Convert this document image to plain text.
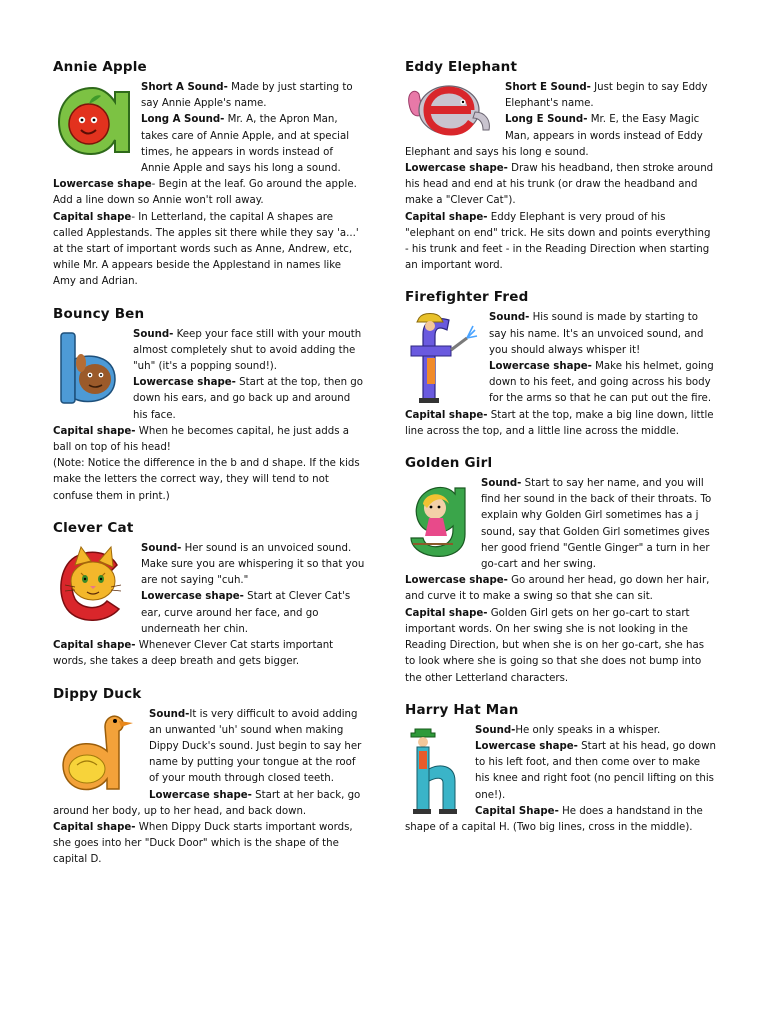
Annie Apple

Short A Sound- Made by just starting to say Annie Apple's name.

Long A Sound- Mr. A, the Apron Man, takes care of Annie Apple, and at special times, he appears in words instead of Annie Apple and says his long a sound.

Lowercase shape- Begin at the leaf. Go around the apple. Add a line down so Annie won't roll away.

Capital shape- In Letterland, the capital A shapes are called Applestands. The apples sit there while they say 'a...' at the start of important words such as Anne, Andrew, etc, while Mr. A appears beside the Applestand in names like Amy and Adrian.

Bouncy Ben

Sound- Keep your face still with your mouth almost completely shut to avoid adding the "uh" (it's a popping sound!).

Lowercase shape- Start at the top, then go down his ears, and go back up and around his face.

Capital shape- When he becomes capital, he just adds a ball on top of his head!

(Note: Notice the difference in the b and d shape. If the kids make the letters the correct way, they will tend to not confuse them in print.)

Clever Cat

Sound- Her sound is an unvoiced sound. Make sure you are whispering it so that you are not saying "cuh."

Lowercase shape- Start at Clever Cat's ear, curve around her face, and go underneath her chin.

Capital shape- Whenever Clever Cat starts important words, she takes a deep breath and gets bigger.

Dippy Duck

Sound-It is very difficult to avoid adding an unwanted 'uh' sound when making Dippy Duck's sound. Just begin to say her name by putting your tongue at the roof of your mouth through closed teeth.

Lowercase shape- Start at her back, go around her body, up to her head, and back down.

Capital shape- When Dippy Duck starts important words, she goes into her "Duck Door" which is the shape of the capital D.

Eddy Elephant

Short E Sound- Just begin to say Eddy Elephant's name.

Long E Sound- Mr. E, the Easy Magic Man, appears in words instead of Eddy Elephant and says his long e sound.

Lowercase shape- Draw his headband, then stroke around his head and end at his trunk (or draw the headband and make a "Clever Cat").

Capital shape- Eddy Elephant is very proud of his "elephant on end" trick. He sits down and points everything - his trunk and feet - in the Reading Direction when starting an important word.

Firefighter Fred

Sound- His sound is made by starting to say his name. It's an unvoiced sound, and you should always whisper it!

Lowercase shape- Make his helmet, going down to his feet, and going across his body for the arms so that he can put out the fire.

Capital shape- Start at the top, make a big line down, little line across the top, and a little line across the middle.

Golden Girl

Sound- Start to say her name, and you will find her sound in the back of their throats. To explain why Golden Girl sometimes has a j sound, say that Golden Girl sometimes gives her good friend "Gentle Ginger" a turn in her go-cart and her swing.

Lowercase shape- Go around her head, go down her hair, and curve it to make a swing so that she can sit.

Capital shape- Golden Girl gets on her go-cart to start important words. On her swing she is not looking in the Reading Direction, but when she is on her go-cart, she has to look where she is going so that she does not bump into the other Letterland characters.

Harry Hat Man

Sound-He only speaks in a whisper.

Lowercase shape- Start at his head, go down to his left foot, and then come over to make his knee and right foot (no pencil lifting on this one!).

Capital Shape- He does a handstand in the shape of a capital H. (Two big lines, cross in the middle).
